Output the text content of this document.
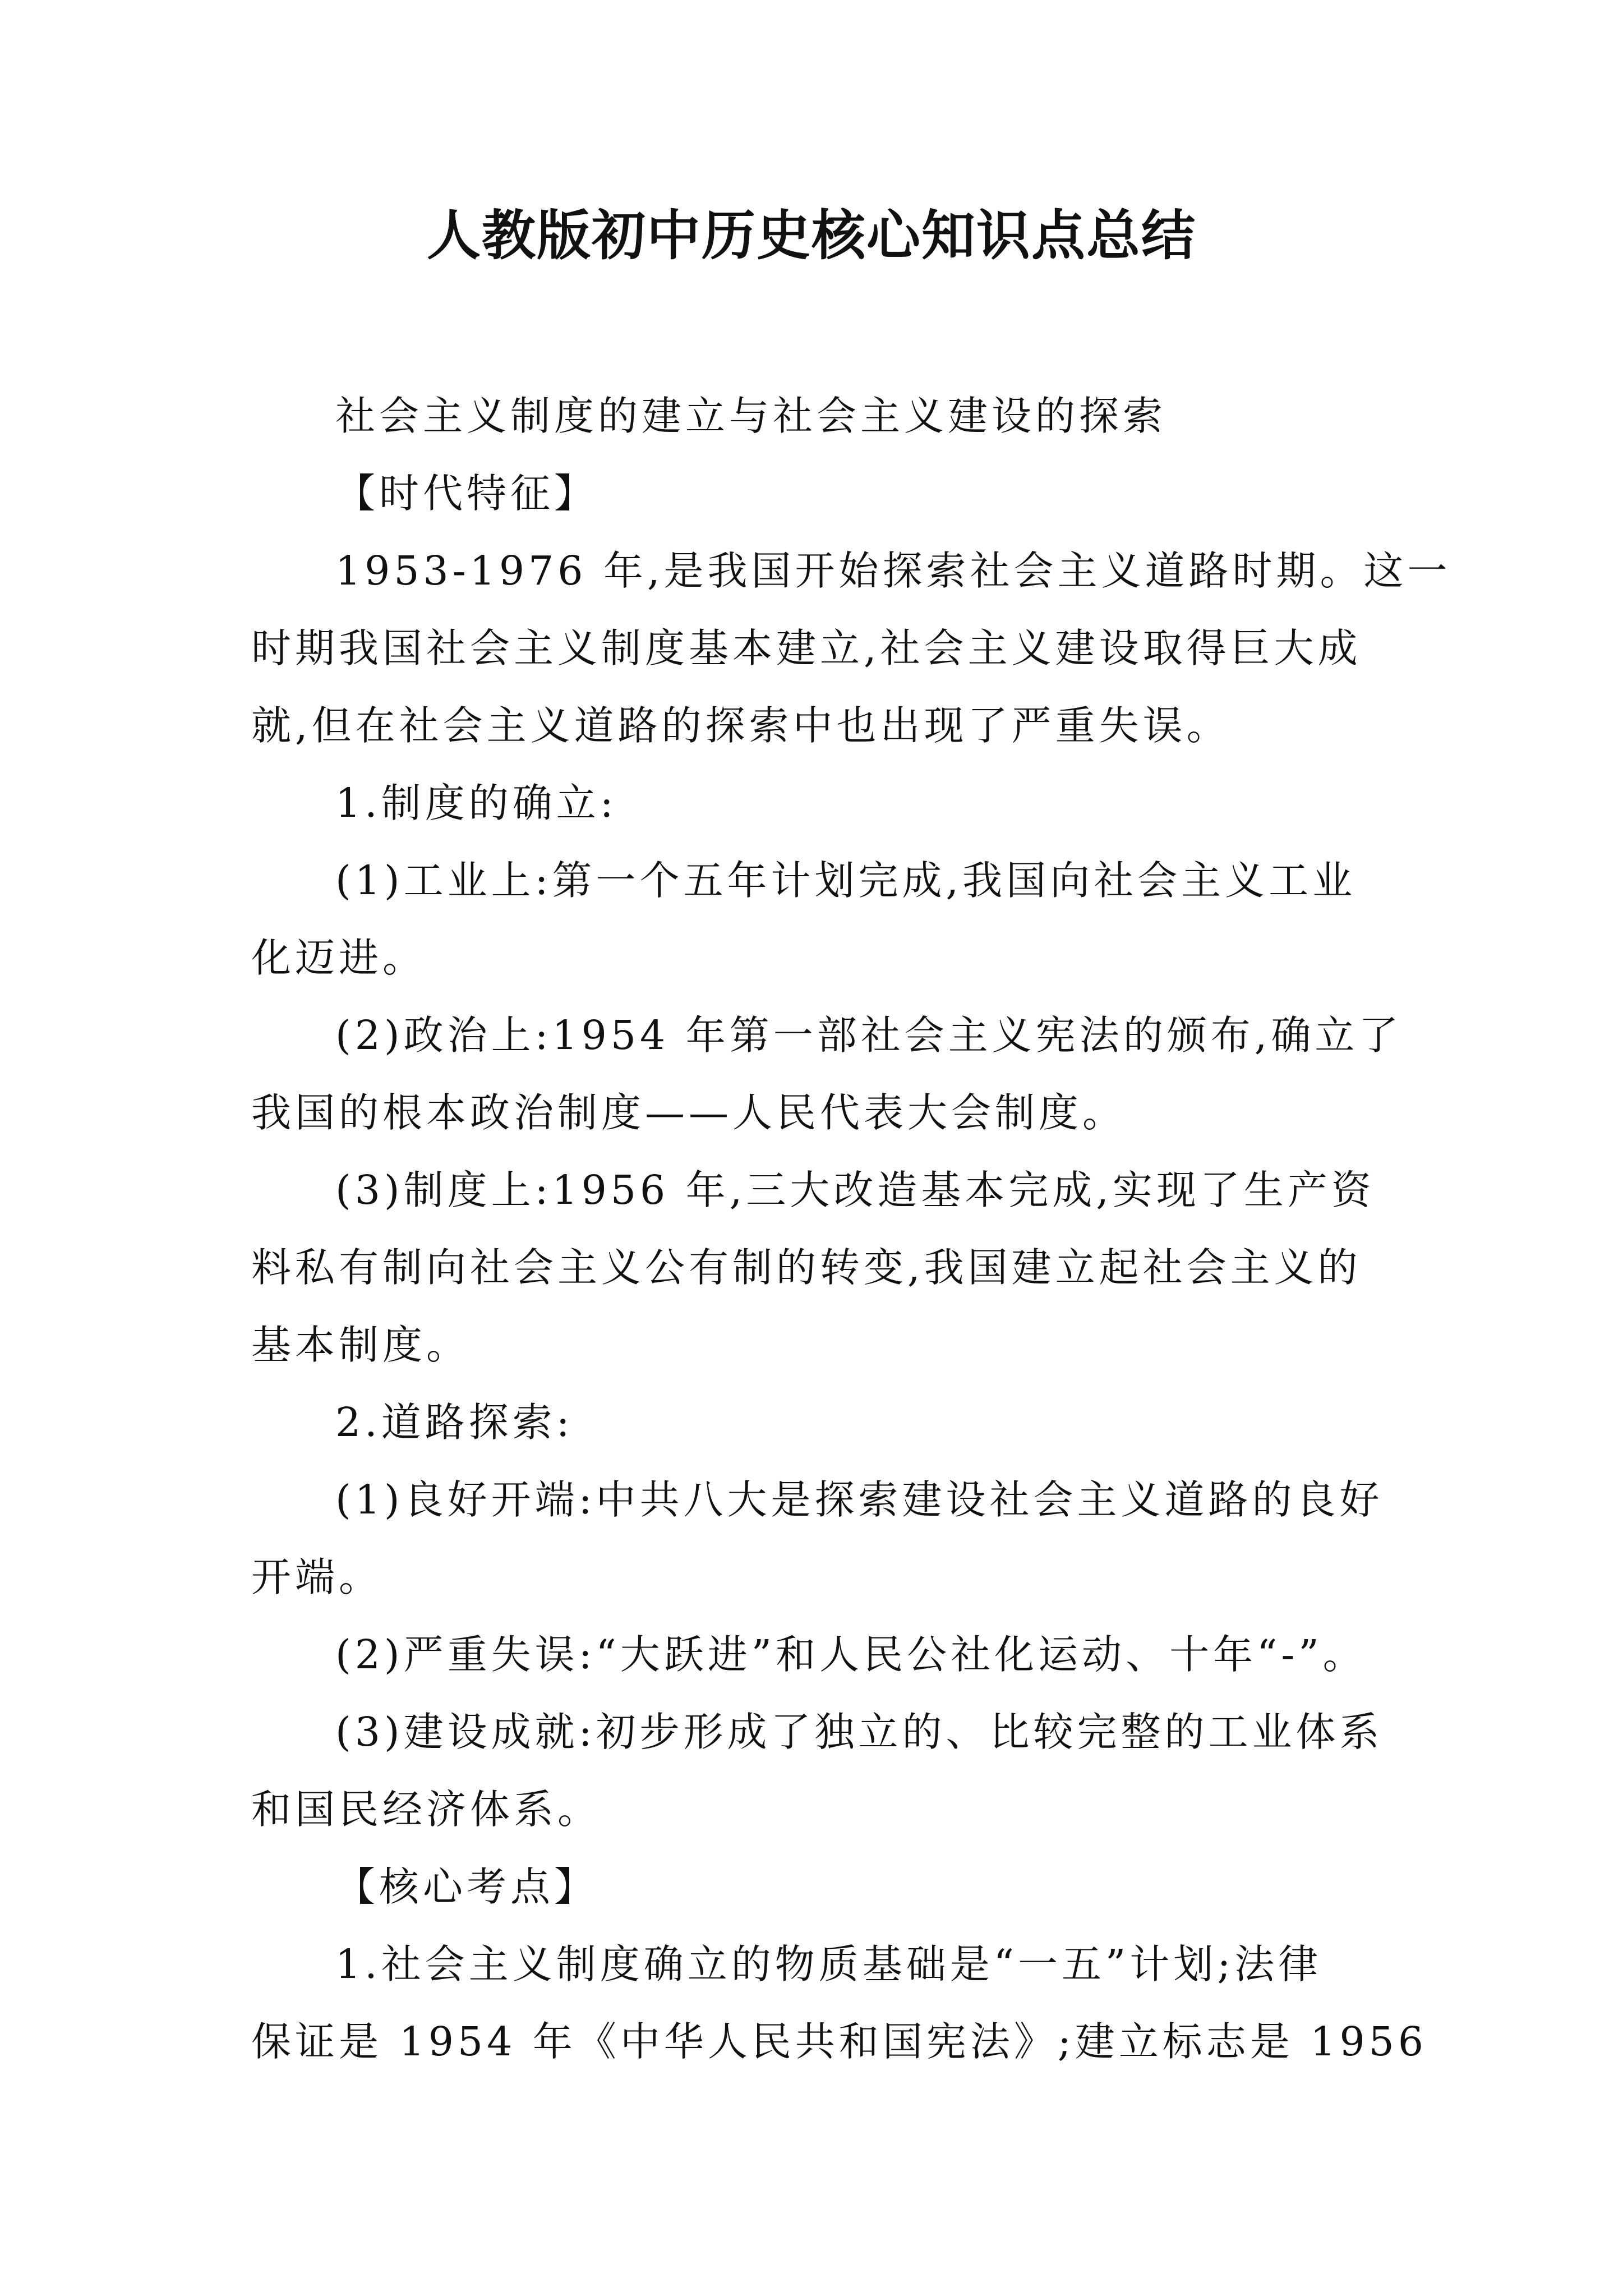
人教版初中历史核心知识点总结
社会主义制度的建立与社会主义建设的探索
【时代特征】
1953-1976 年,是我国开始探索社会主义道路时期。这一
时期我国社会主义制度基本建立,社会主义建设取得巨大成
就,但在社会主义道路的探索中也出现了严重失误。
1.制度的确立:
(1)工业上:第一个五年计划完成,我国向社会主义工业
化迈进。
(2)政治上:1954 年第一部社会主义宪法的颁布,确立了
我国的根本政治制度——人民代表大会制度。
(3)制度上:1956 年,三大改造基本完成,实现了生产资
料私有制向社会主义公有制的转变,我国建立起社会主义的
基本制度。
2.道路探索:
(1)良好开端:中共八大是探索建设社会主义道路的良好
开端。
(2)严重失误:“大跃进”和人民公社化运动、十年“-”。
(3)建设成就:初步形成了独立的、比较完整的工业体系
和国民经济体系。
【核心考点】
1.社会主义制度确立的物质基础是“一五”计划;法律
保证是 1954 年《中华人民共和国宪法》;建立标志是 1956
